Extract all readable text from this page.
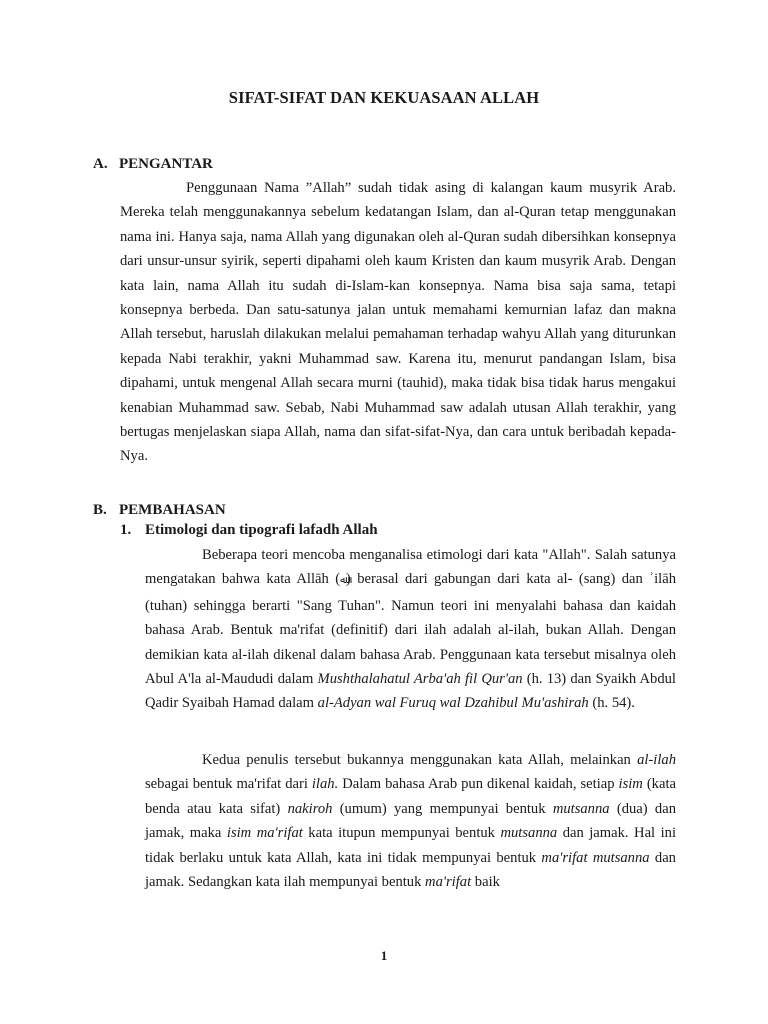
SIFAT-SIFAT DAN KEKUASAAN ALLAH
A. PENGANTAR

Penggunaan Nama ”Allah” sudah tidak asing di kalangan kaum musyrik Arab. Mereka telah menggunakannya sebelum kedatangan Islam, dan al-Quran tetap menggunakan nama ini. Hanya saja, nama Allah yang digunakan oleh al-Quran sudah dibersihkan konsepnya dari unsur-unsur syirik, seperti dipahami oleh kaum Kristen dan kaum musyrik Arab. Dengan kata lain, nama Allah itu sudah di-Islam-kan konsepnya. Nama bisa saja sama, tetapi konsepnya berbeda. Dan satu-satunya jalan untuk memahami kemurnian lafaz dan makna Allah tersebut, haruslah dilakukan melalui pemahaman terhadap wahyu Allah yang diturunkan kepada Nabi terakhir, yakni Muhammad saw. Karena itu, menurut pandangan Islam, bisa dipahami, untuk mengenal Allah secara murni (tauhid), maka tidak bisa tidak harus mengakui kenabian Muhammad saw. Sebab, Nabi Muhammad saw adalah utusan Allah terakhir, yang bertugas menjelaskan siapa Allah, nama dan sifat-sifat-Nya, dan cara untuk beribadah kepada-Nya.

B. PEMBAHASAN
1. Etimologi dan tipografi lafadh Allah

Beberapa teori mencoba menganalisa etimologi dari kata "Allah". Salah satunya mengatakan bahwa kata Allāh (ﷲ) berasal dari gabungan dari kata al- (sang) dan ʾilāh (tuhan) sehingga berarti "Sang Tuhan". Namun teori ini menyalahi bahasa dan kaidah bahasa Arab. Bentuk ma'rifat (definitif) dari ilah adalah al-ilah, bukan Allah. Dengan demikian kata al-ilah dikenal dalam bahasa Arab. Penggunaan kata tersebut misalnya oleh Abul A'la al-Maududi dalam Mushthalahatul Arba'ah fil Qur'an (h. 13) dan Syaikh Abdul Qadir Syaibah Hamad dalam al-Adyan wal Furuq wal Dzahibul Mu'ashirah (h. 54).

Kedua penulis tersebut bukannya menggunakan kata Allah, melainkan al-ilah sebagai bentuk ma'rifat dari ilah. Dalam bahasa Arab pun dikenal kaidah, setiap isim (kata benda atau kata sifat) nakiroh (umum) yang mempunyai bentuk mutsanna (dua) dan jamak, maka isim ma'rifat kata itupun mempunyai bentuk mutsanna dan jamak. Hal ini tidak berlaku untuk kata Allah, kata ini tidak mempunyai bentuk ma'rifat mutsanna dan jamak. Sedangkan kata ilah mempunyai bentuk ma'rifat baik

1
